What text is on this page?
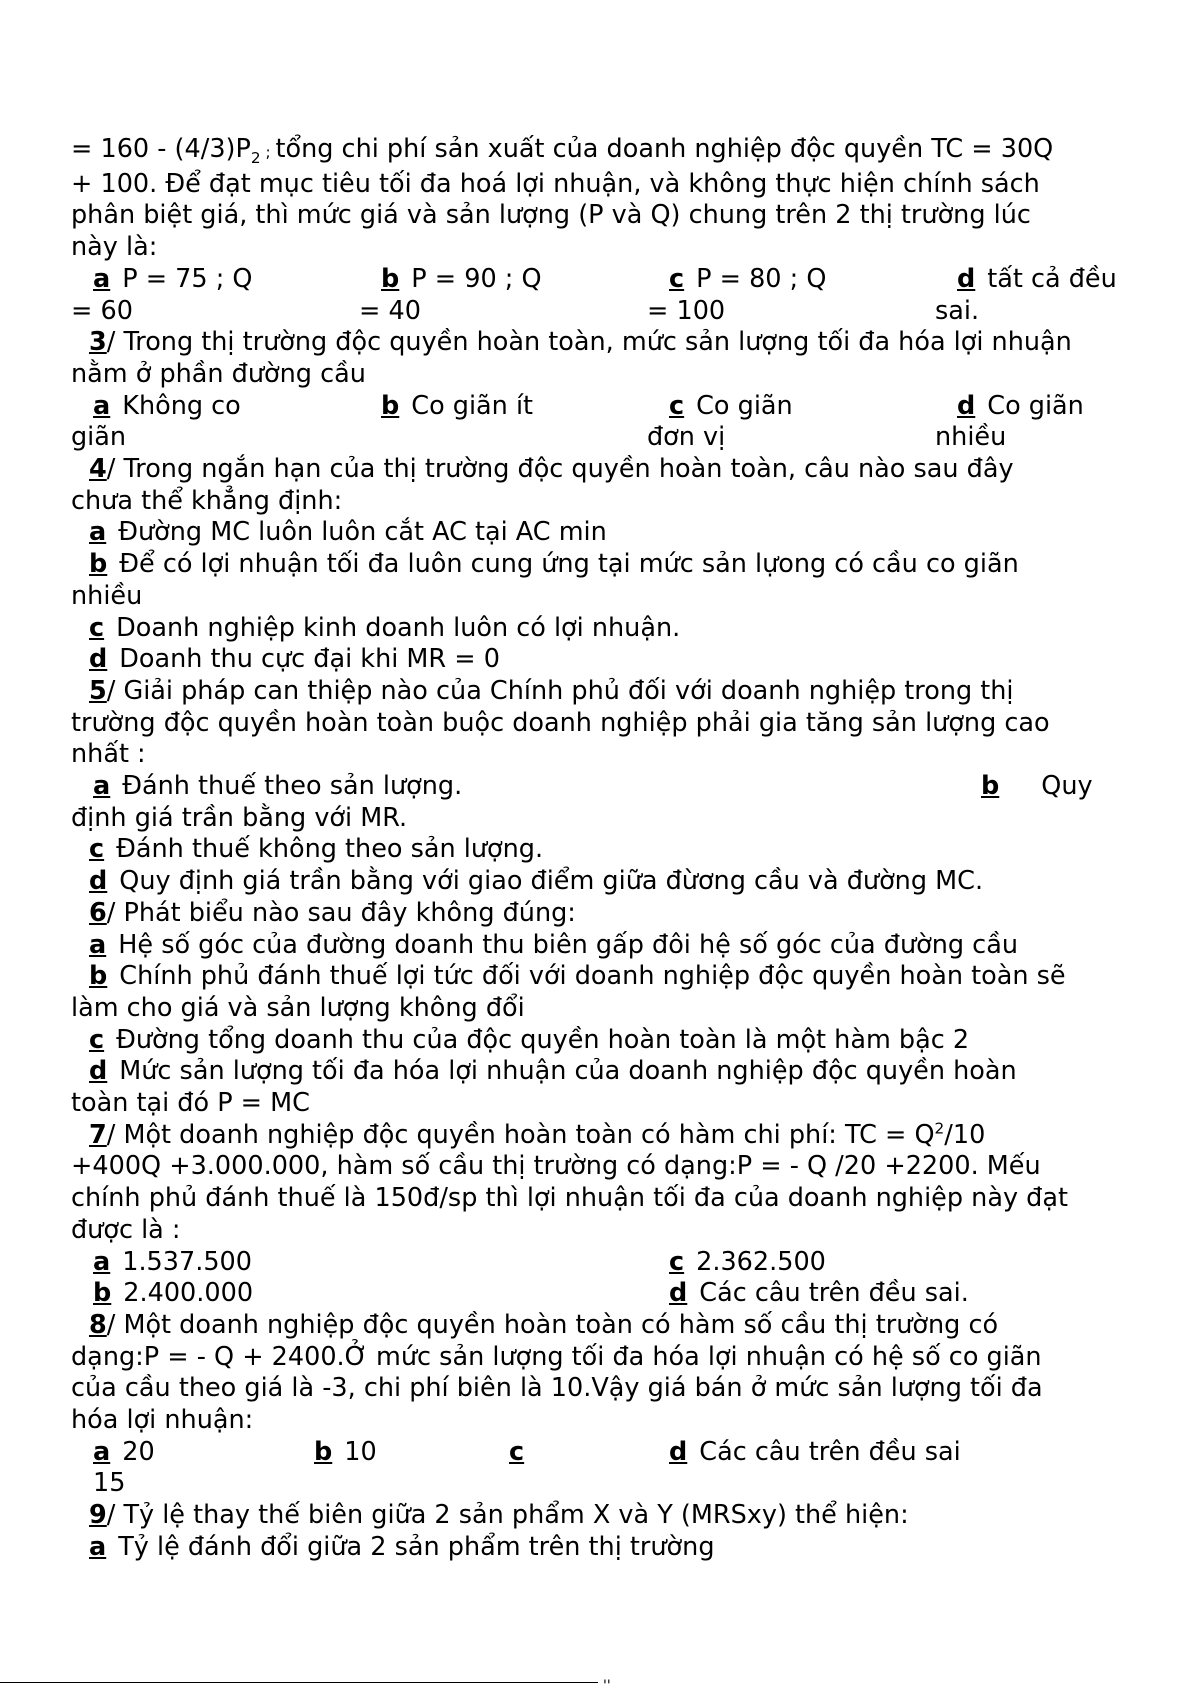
= $160 - (4/3)P_2$ ; tổng chi phí sản xuất của doanh nghiệp độc quyền TC = 30Q

+ 100. Để đạt mục tiêu tối đa hoá lợi nhuận, và không thực hiện chính sách

phân biệt giá, thì mức giá và sản lượng (P và Q) chung trên 2 thị trường lúc

này là:

a P = 75 ; Q
= 60
b P = 90 ; Q
= 40
c P = 80 ; Q
= 100
d tất cả đều
sai.

3/ Trong thị trường độc quyền hoàn toàn, mức sản lượng tối đa hóa lợi nhuận

nằm ở phần đường cầu

a Không co
giãn
b Co giãn ít	c Co giãn
đơn vị
d Co giãn
nhiều

4/ Trong ngắn hạn của thị trường độc quyền hoàn toàn, câu nào sau đây

chưa thể khẳng định:

a Đường MC luôn luôn cắt AC tại AC min

b Để có lợi nhuận tối đa luôn cung ứng tại mức sản lựong có cầu co giãn

nhiều

c Doanh nghiệp kinh doanh luôn có lợi nhuận.

d Doanh thu cực đại khi MR = 0

5/ Giải pháp can thiệp nào của Chính phủ đối với doanh nghiệp trong thị

trường độc quyền hoàn toàn buộc doanh nghiệp phải gia tăng sản lượng cao

nhất :

a Đánh thuế theo sản lượng.	b Quy

định giá trần bằng với MR.

c Đánh thuế không theo sản lượng.

d Quy định giá trần bằng với giao điểm giữa đừơng cầu và đường MC.

6/ Phát biểu nào sau đây không đúng:

a Hệ số góc của đường doanh thu biên gấp đôi hệ số góc của đường cầu

b Chính phủ đánh thuế lợi tức đối với doanh nghiệp độc quyền hoàn toàn sẽ

làm cho giá và sản lượng không đổi

c Đường tổng doanh thu của độc quyền hoàn toàn là một hàm bậc 2

d Mức sản lượng tối đa hóa lợi nhuận của doanh nghiệp độc quyền hoàn

toàn tại đó P = MC

7/ Một doanh nghiệp độc quyền hoàn toàn có hàm chi phí: TC = $Q^2/10$

+400Q +3.000.000, hàm số cầu thị trường có dạng:P = - Q /20 +2200. Mếu

chính phủ đánh thuế là 150đ/sp thì lợi nhuận tối đa của doanh nghiệp này đạt

được là :

a 1.537.500	c 2.362.500
b 2.400.000	d Các câu trên đều sai.

8/ Một doanh nghiệp độc quyền hoàn toàn có hàm số cầu thị trường có

dạng:P = - Q + 2400.Ở mức sản lượng tối đa hóa lợi nhuận có hệ số co giãn

của cầu theo giá là -3, chi phí biên là 10.Vậy giá bán ở mức sản lượng tối đa

hóa lợi nhuận:

a 20
15
b 10	c	d Các câu trên đều sai

9/ Tỷ lệ thay thế biên giữa 2 sản phẩm X và Y (MRSxy) thể hiện:

a Tỷ lệ đánh đổi giữa 2 sản phẩm trên thị trường

''
